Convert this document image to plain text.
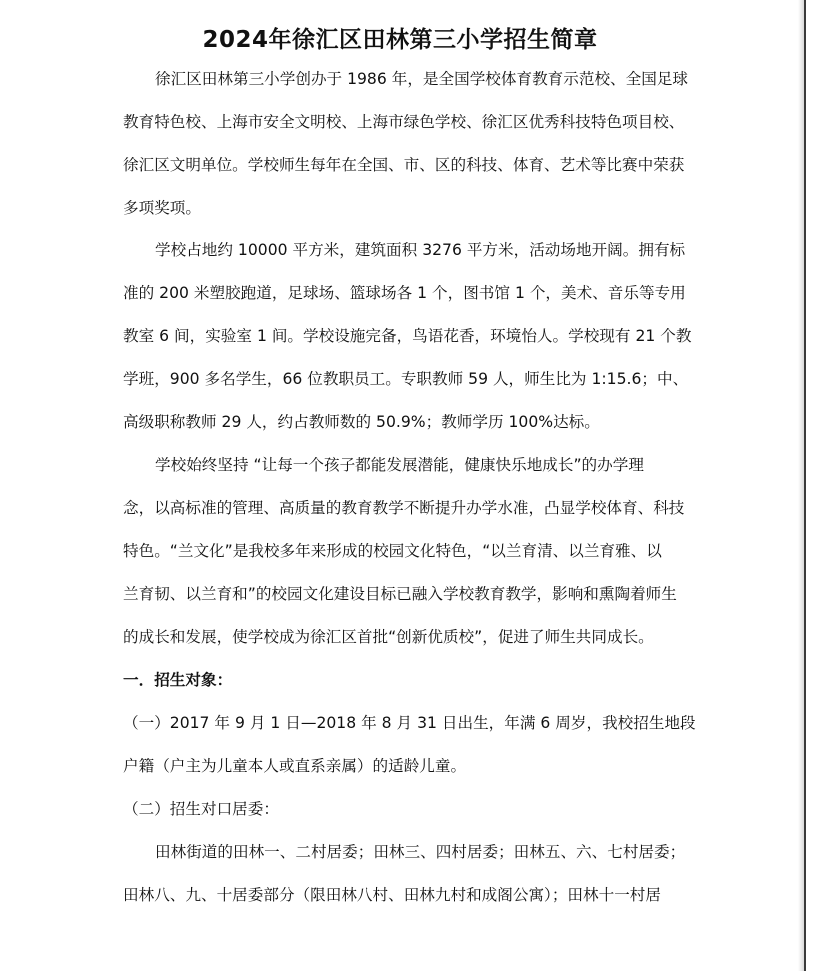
2024年徐汇区田林第三小学招生简章

徐汇区田林第三小学创办于 1986 年，是全国学校体育教育示范校、全国足球

教育特色校、上海市安全文明校、上海市绿色学校、徐汇区优秀科技特色项目校、

徐汇区文明单位。学校师生每年在全国、市、区的科技、体育、艺术等比赛中荣获

多项奖项。

学校占地约 10000 平方米，建筑面积 3276 平方米，活动场地开阔。拥有标

准的 200 米塑胶跑道，足球场、篮球场各 1 个，图书馆 1 个，美术、音乐等专用

教室 6 间，实验室 1 间。学校设施完备，鸟语花香，环境怡人。学校现有 21 个教

学班，900 多名学生，66 位教职员工。专职教师 59 人，师生比为 1:15.6；中、

高级职称教师 29 人，约占教师数的 50.9%；教师学历 100%达标。

学校始终坚持 “让每一个孩子都能发展潜能，健康快乐地成长”的办学理

念，以高标准的管理、高质量的教育教学不断提升办学水准，凸显学校体育、科技

特色。“兰文化”是我校多年来形成的校园文化特色，“以兰育清、以兰育雅、以

兰育韧、以兰育和”的校园文化建设目标已融入学校教育教学，影响和熏陶着师生

的成长和发展，使学校成为徐汇区首批“创新优质校”，促进了师生共同成长。

一．招生对象：

（一）2017 年 9 月 1 日—2018 年 8 月 31 日出生，年满 6 周岁，我校招生地段

户籍（户主为儿童本人或直系亲属）的适龄儿童。

（二）招生对口居委：

田林街道的田林一、二村居委；田林三、四村居委；田林五、六、七村居委；

田林八、九、十居委部分（限田林八村、田林九村和成阁公寓）；田林十一村居
